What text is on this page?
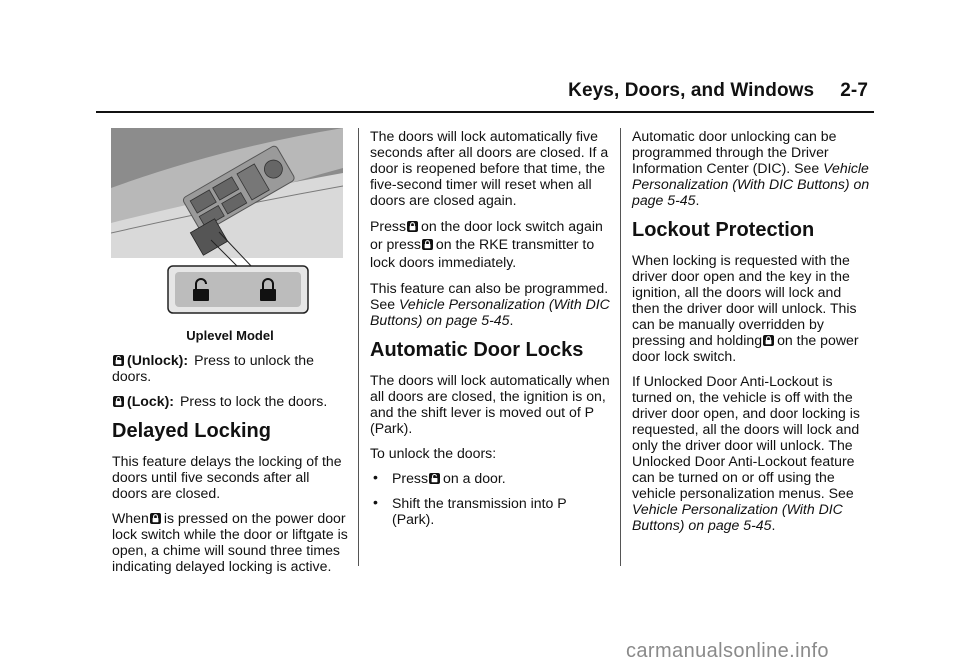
Keys, Doors, and Windows 2-7
Uplevel Model

(Unlock): Press to unlock the doors.

(Lock): Press to lock the doors.

Delayed Locking

This feature delays the locking of the doors until five seconds after all doors are closed.

When is pressed on the power door lock switch while the door or liftgate is open, a chime will sound three times indicating delayed locking is active.

The doors will lock automatically five seconds after all doors are closed. If a door is reopened before that time, the five-second timer will reset when all doors are closed again.

Press on the door lock switch again or press on the RKE transmitter to lock doors immediately.

This feature can also be programmed. See Vehicle Personalization (With DIC Buttons) on page 5-45.

Automatic Door Locks

The doors will lock automatically when all doors are closed, the ignition is on, and the shift lever is moved out of P (Park).

To unlock the doors:

• Press on a door.
• Shift the transmission into P (Park).

Automatic door unlocking can be programmed through the Driver Information Center (DIC). See Vehicle Personalization (With DIC Buttons) on page 5-45.

Lockout Protection

When locking is requested with the driver door open and the key in the ignition, all the doors will lock and then the driver door will unlock. This can be manually overridden by pressing and holding on the power door lock switch.

If Unlocked Door Anti-Lockout is turned on, the vehicle is off with the driver door open, and door locking is requested, all the doors will lock and only the driver door will unlock. The Unlocked Door Anti-Lockout feature can be turned on or off using the vehicle personalization menus. See Vehicle Personalization (With DIC Buttons) on page 5-45.

carmanualsonline.info
